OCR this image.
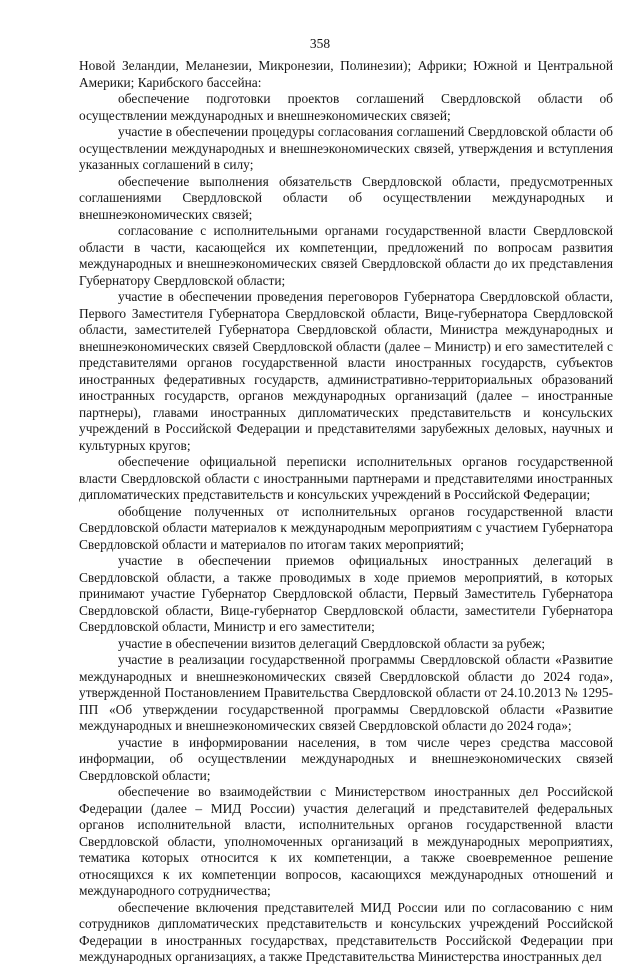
358

Новой Зеландии, Меланезии, Микронезии, Полинезии); Африки; Южной и Центральной Америки; Карибского бассейна:

обеспечение подготовки проектов соглашений Свердловской области об осуществлении международных и внешнеэкономических связей;

участие в обеспечении процедуры согласования соглашений Свердловской области об осуществлении международных и внешнеэкономических связей, утверждения и вступления указанных соглашений в силу;

обеспечение выполнения обязательств Свердловской области, предусмотренных соглашениями Свердловской области об осуществлении международных и внешнеэкономических связей;

согласование с исполнительными органами государственной власти Свердловской области в части, касающейся их компетенции, предложений по вопросам развития международных и внешнеэкономических связей Свердловской области до их представления Губернатору Свердловской области;

участие в обеспечении проведения переговоров Губернатора Свердловской области, Первого Заместителя Губернатора Свердловской области, Вице-губернатора Свердловской области, заместителей Губернатора Свердловской области, Министра международных и внешнеэкономических связей Свердловской области (далее – Министр) и его заместителей с представителями органов государственной власти иностранных государств, субъектов иностранных федеративных государств, административно-территориальных образований иностранных государств, органов международных организаций (далее – иностранные партнеры), главами иностранных дипломатических представительств и консульских учреждений в Российской Федерации и представителями зарубежных деловых, научных и культурных кругов;

обеспечение официальной переписки исполнительных органов государственной власти Свердловской области с иностранными партнерами и представителями иностранных дипломатических представительств и консульских учреждений в Российской Федерации;

обобщение полученных от исполнительных органов государственной власти Свердловской области материалов к международным мероприятиям с участием Губернатора Свердловской области и материалов по итогам таких мероприятий;

участие в обеспечении приемов официальных иностранных делегаций в Свердловской области, а также проводимых в ходе приемов мероприятий, в которых принимают участие Губернатор Свердловской области, Первый Заместитель Губернатора Свердловской области, Вице-губернатор Свердловской области, заместители Губернатора Свердловской области, Министр и его заместители;

участие в обеспечении визитов делегаций Свердловской области за рубеж;

участие в реализации государственной программы Свердловской области «Развитие международных и внешнеэкономических связей Свердловской области до 2024 года», утвержденной Постановлением Правительства Свердловской области от 24.10.2013 № 1295-ПП «Об утверждении государственной программы Свердловской области «Развитие международных и внешнеэкономических связей Свердловской области до 2024 года»;

участие в информировании населения, в том числе через средства массовой информации, об осуществлении международных и внешнеэкономических связей Свердловской области;

обеспечение во взаимодействии с Министерством иностранных дел Российской Федерации (далее – МИД России) участия делегаций и представителей федеральных органов исполнительной власти, исполнительных органов государственной власти Свердловской области, уполномоченных организаций в международных мероприятиях, тематика которых относится к их компетенции, а также своевременное решение относящихся к их компетенции вопросов, касающихся международных отношений и международного сотрудничества;

обеспечение включения представителей МИД России или по согласованию с ним сотрудников дипломатических представительств и консульских учреждений Российской Федерации в иностранных государствах, представительств Российской Федерации при международных организациях, а также Представительства Министерства иностранных дел
